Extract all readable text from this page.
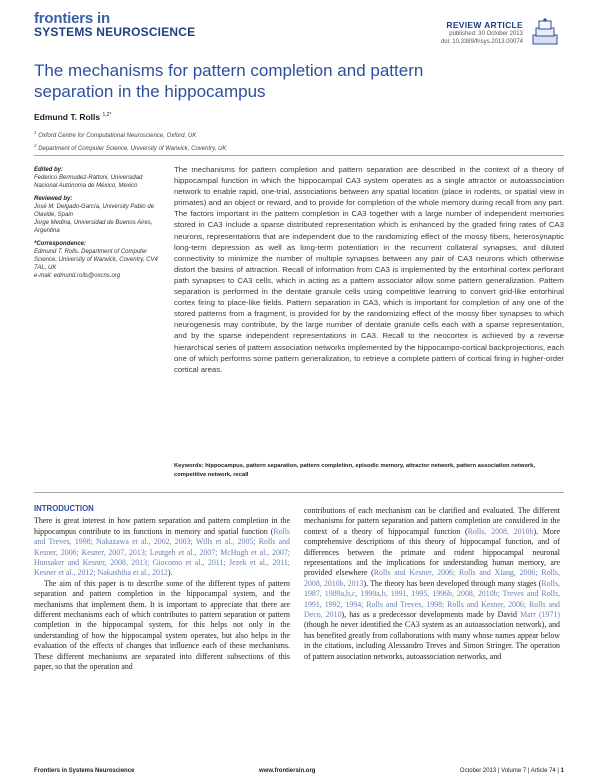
frontiers in
SYSTEMS NEUROSCIENCE	REVIEW ARTICLE
published: 30 October 2013
doi: 10.3389/fnsys.2013.00074
The mechanisms for pattern completion and pattern separation in the hippocampus
Edmund T. Rolls $^{1,2*}$
$^1$ Oxford Centre for Computational Neuroscience, Oxford, UK
$^2$ Department of Computer Science, University of Warwick, Coventry, UK
Edited by:
Federico Bermudez-Rattoni, Universidad Nacional Autónoma de México, Mexico
Reviewed by:
José M. Delgado-García, University Pablo de Olavide, Spain
Jorge Medina, Universidad de Buenos Aires, Argentina
*Correspondence:
Edmund T. Rolls, Department of Computer Science, University of Warwick, Coventry, CV4 7AL, UK
e-mail: edmund.rolls@oxcns.org
The mechanisms for pattern completion and pattern separation are described in the context of a theory of hippocampal function in which the hippocampal CA3 system operates as a single attractor or autoassociation network to enable rapid, one-trial, associations between any spatial location (place in rodents, or spatial view in primates) and an object or reward, and to provide for completion of the whole memory during recall from any part. The factors important in the pattern completion in CA3 together with a large number of independent memories stored in CA3 include a sparse distributed representation which is enhanced by the graded firing rates of CA3 neurons, representations that are independent due to the randomizing effect of the mossy fibers, heterosynaptic long-term depression as well as long-term potentiation in the recurrent collateral synapses, and diluted connectivity to minimize the number of multiple synapses between any pair of CA3 neurons which otherwise distort the basins of attraction. Recall of information from CA3 is implemented by the entorhinal cortex perforant path synapses to CA3 cells, which in acting as a pattern associator allow some pattern generalization. Pattern separation is performed in the dentate granule cells using competitive learning to convert grid-like entorhinal cortex firing to place-like fields. Pattern separation in CA3, which is important for completion of any one of the stored patterns from a fragment, is provided for by the randomizing effect of the mossy fiber synapses to which neurogenesis may contribute, by the large number of dentate granule cells each with a sparse representation, and by the sparse independent representations in CA3. Recall to the neocortex is achieved by a reverse hierarchical series of pattern association networks implemented by the hippocampo-cortical backprojections, each one of which performs some pattern generalization, to retrieve a complete pattern of cortical firing in higher-order cortical areas.
Keywords: hippocampus, pattern separation, pattern completion, episodic memory, attractor network, pattern association network, competitive network, recall
INTRODUCTION

There is great interest in how pattern separation and pattern completion in the hippocampus contribute to its functions in memory and spatial function (Rolls and Treves, 1998; Nakazawa et al., 2002, 2003; Wills et al., 2005; Rolls and Kesner, 2006; Kesner, 2007, 2013; Leutgeb et al., 2007; McHugh et al., 2007; Hunsaker and Kesner, 2008, 2013; Giocomo et al., 2011; Jezek et al., 2011; Kesner et al., 2012; Nakashiba et al., 2012).

The aim of this paper is to describe some of the different types of pattern separation and pattern completion in the hippocampal system, and the mechanisms that implement them. It is important to appreciate that there are different mechanisms each of which contributes to pattern separation or pattern completion in the hippocampal system, for this helps not only in the understanding of how the hippocampal system operates, but also helps in the evaluation of the effects of changes that influence each of these mechanisms. These different mechanisms are separated into different subsections of this paper, so that the operation and

contributions of each mechanism can be clarified and evaluated. The different mechanisms for pattern separation and pattern completion are considered in the context of a theory of hippocampal function (Rolls, 2008, 2010b). More comprehensive descriptions of this theory of hippocampal function, and of differences between the primate and rodent hippocampal neuronal representations and the implications for understanding human memory, are provided elsewhere (Rolls and Kesner, 2006; Rolls and Xiang, 2006; Rolls, 2008, 2010b, 2013). The theory has been developed through many stages (Rolls, 1987, 1989a,b,c, 1990a,b, 1991, 1995, 1996b, 2008, 2010b; Treves and Rolls, 1991, 1992, 1994; Rolls and Treves, 1998; Rolls and Kesner, 2006; Rolls and Deco, 2010), has as a predecessor developments made by David Marr (1971) (though he never identified the CA3 system as an autoassociation network), and has benefited greatly from collaborations with many whose names appear below in the citations, including Alessandro Treves and Simon Stringer. The operation of pattern association networks, autoassociation networks, and

Frontiers in Systems Neuroscience	www.frontiersin.org	October 2013 | Volume 7 | Article 74 | 1
